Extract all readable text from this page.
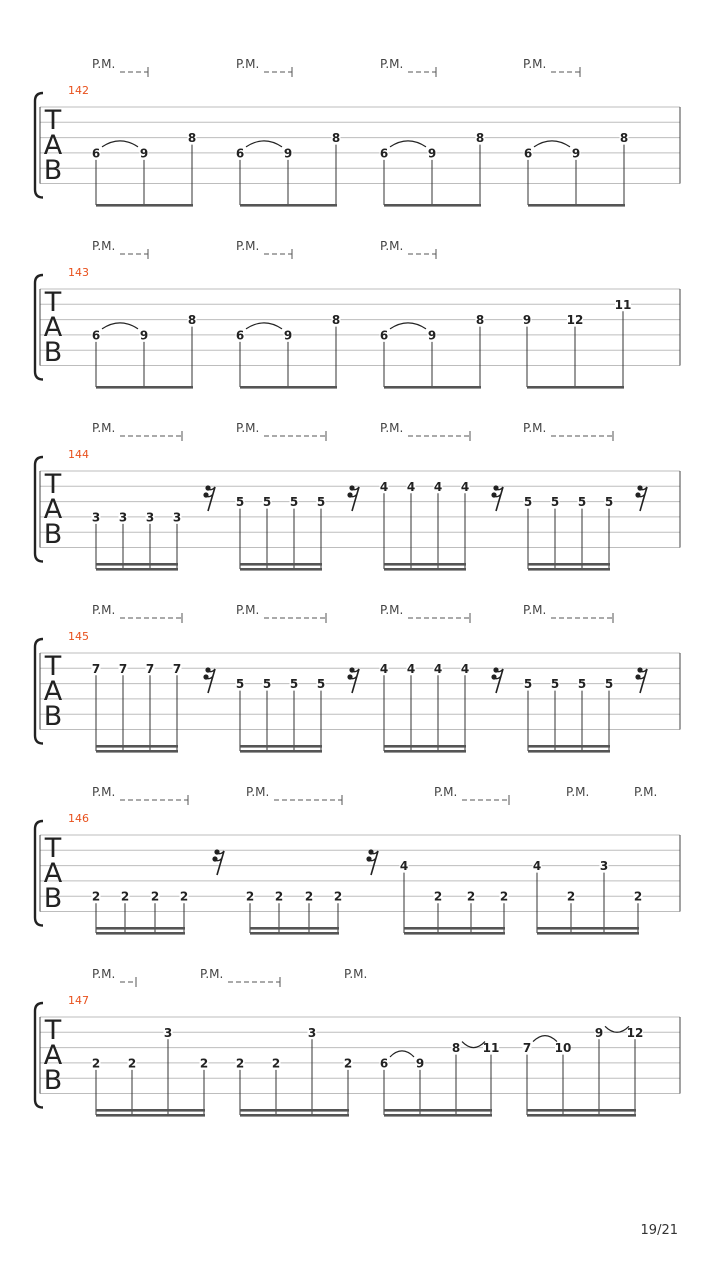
142
T
A
B
P.M.	P.M.	P.M.	P.M.
6	9
8
6	9
8
6	9
8
6	9
8
143
T
A
B
P.M.	P.M.	P.M.
6	9
8
6	9
8
6	9
8	9	12
11
144
T
A
B
P.M.	P.M.	P.M.	P.M.
3 3 3 3
5 5 5 5
4 4 4 4
5 5 5 5
145
T
A
B
P.M.	P.M.	P.M.	P.M.
7 7 7 7
5 5 5 5
4 4 4 4
5 5 5 5
146
T
A
B
P.M.	P.M.	P.M.	P.M.	P.M.
2 2 2 2	2 2 2 2
4
2 2 2
4
2
3
2
147
T
A
B
P.M.	P.M.	P.M.
2 2
3
2 2 2
3
2 6 9
8 11 7 10
9 12
19/21
